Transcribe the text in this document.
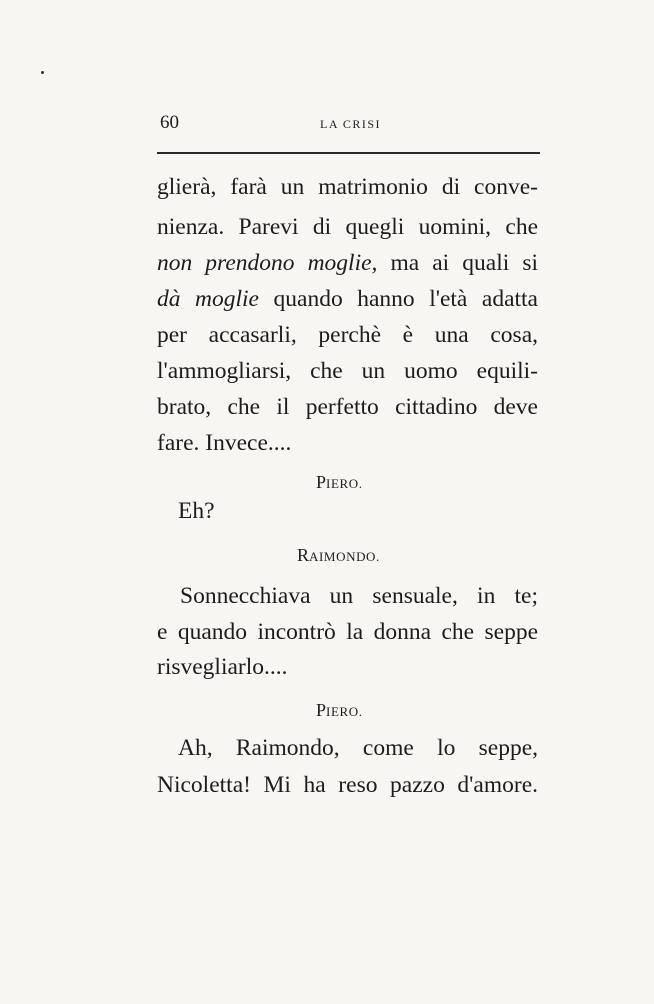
60	LA CRISI
glierà, farà un matrimonio di conve-
nienza. Parevi di quegli uomini, che
non prendono moglie, ma ai quali si
dà moglie quando hanno l'età adatta
per accasarli, perchè è una cosa,
l'ammogliarsi, che un uomo equili-
brato, che il perfetto cittadino deve
fare. Invece....
PIERO.
Eh?
RAIMONDO.
Sonnecchiava un sensuale, in te;
e quando incontrò la donna che seppe
risvegliarlo....
PIERO.
Ah, Raimondo, come lo seppe,
Nicoletta! Mi ha reso pazzo d'amore.
